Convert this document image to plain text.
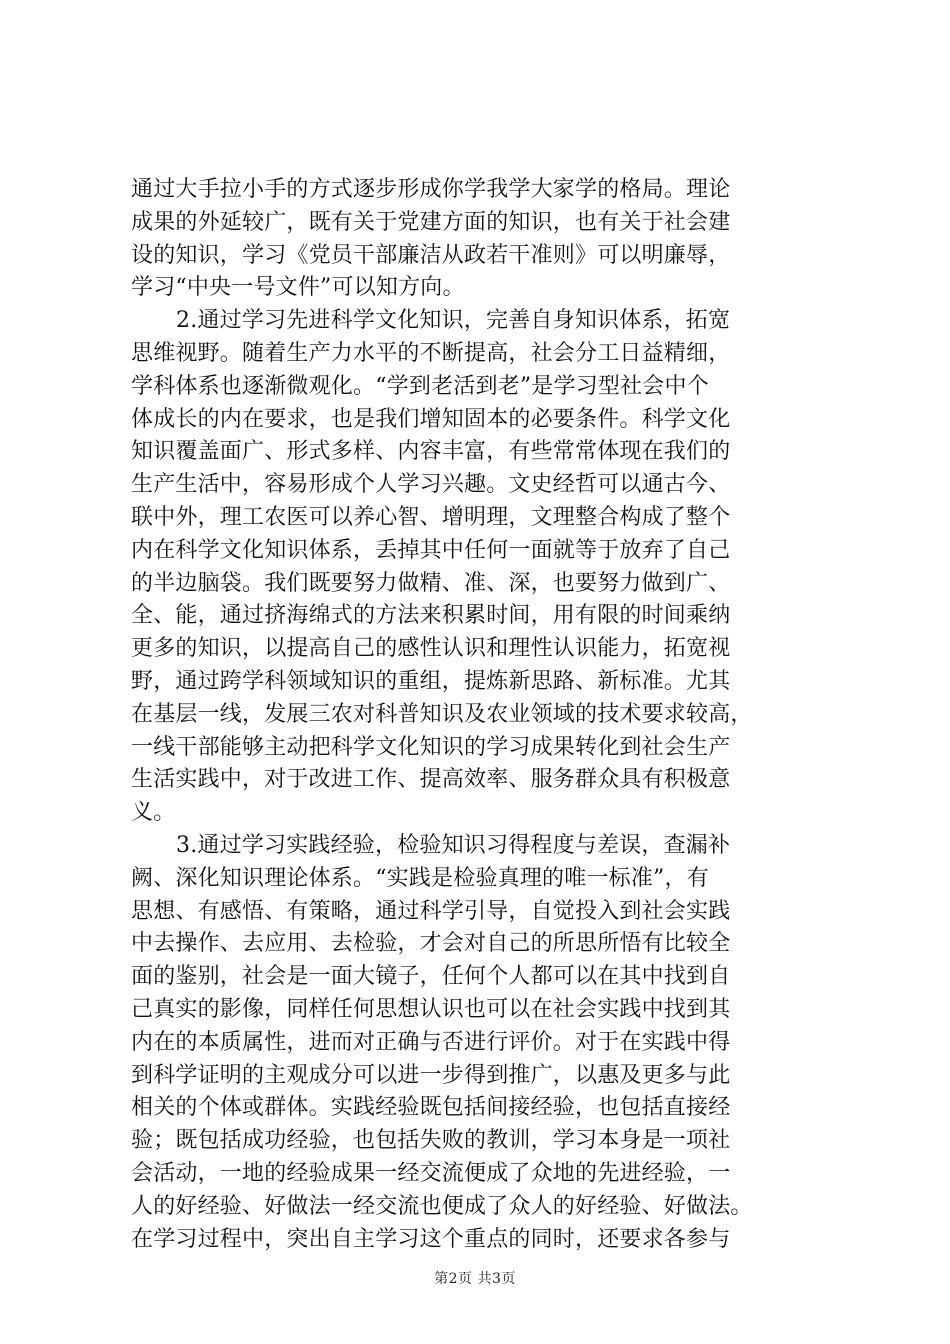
通过大手拉小手的方式逐步形成你学我学大家学的格局。理论
成果的外延较广，既有关于党建方面的知识，也有关于社会建
设的知识，学习《党员干部廉洁从政若干准则》可以明廉辱，
学习“中央一号文件”可以知方向。
2.通过学习先进科学文化知识，完善自身知识体系，拓宽
思维视野。随着生产力水平的不断提高，社会分工日益精细，
学科体系也逐渐微观化。“学到老活到老”是学习型社会中个
体成长的内在要求，也是我们增知固本的必要条件。科学文化
知识覆盖面广、形式多样、内容丰富，有些常常体现在我们的
生产生活中，容易形成个人学习兴趣。文史经哲可以通古今、
联中外，理工农医可以养心智、增明理，文理整合构成了整个
内在科学文化知识体系，丢掉其中任何一面就等于放弃了自己
的半边脑袋。我们既要努力做精、准、深，也要努力做到广、
全、能，通过挤海绵式的方法来积累时间，用有限的时间乘纳
更多的知识，以提高自己的感性认识和理性认识能力，拓宽视
野，通过跨学科领域知识的重组，提炼新思路、新标准。尤其
在基层一线，发展三农对科普知识及农业领域的技术要求较高，
一线干部能够主动把科学文化知识的学习成果转化到社会生产
生活实践中，对于改进工作、提高效率、服务群众具有积极意
义。
3.通过学习实践经验，检验知识习得程度与差误，查漏补
阙、深化知识理论体系。“实践是检验真理的唯一标准”，有
思想、有感悟、有策略，通过科学引导，自觉投入到社会实践
中去操作、去应用、去检验，才会对自己的所思所悟有比较全
面的鉴别，社会是一面大镜子，任何个人都可以在其中找到自
己真实的影像，同样任何思想认识也可以在社会实践中找到其
内在的本质属性，进而对正确与否进行评价。对于在实践中得
到科学证明的主观成分可以进一步得到推广，以惠及更多与此
相关的个体或群体。实践经验既包括间接经验，也包括直接经
验；既包括成功经验，也包括失败的教训，学习本身是一项社
会活动，一地的经验成果一经交流便成了众地的先进经验，一
人的好经验、好做法一经交流也便成了众人的好经验、好做法。
在学习过程中，突出自主学习这个重点的同时，还要求各参与
第2页 共3页
